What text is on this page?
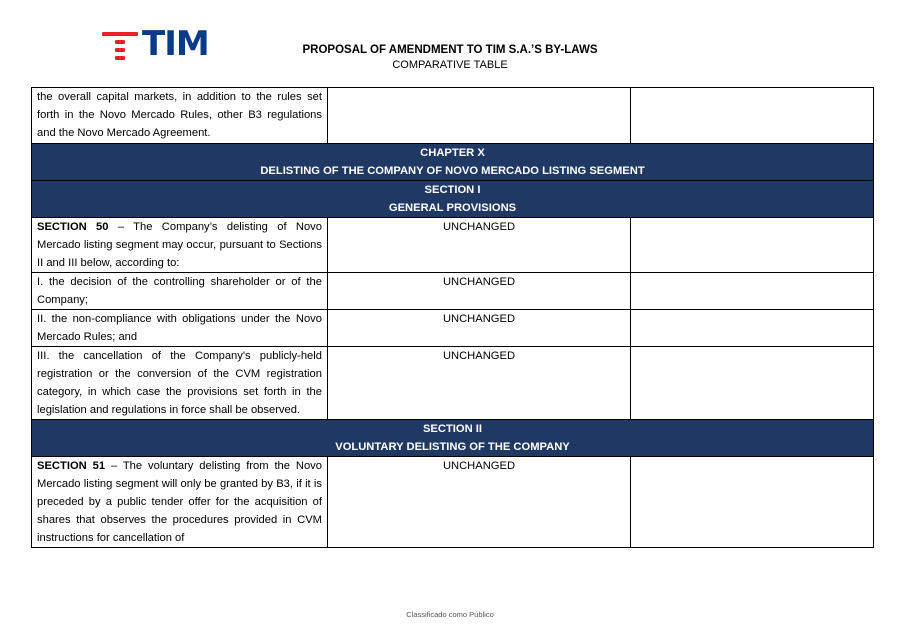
TIM	PROPOSAL OF AMENDMENT TO TIM S.A.’S BY-LAWS
COMPARATIVE TABLE
the overall capital markets, in addition to the rules set forth in the Novo Mercado Rules, other B3 regulations and the Novo Mercado Agreement.		

CHAPTER X
DELISTING OF THE COMPANY OF NOVO MERCADO LISTING SEGMENT		

SECTION I
GENERAL PROVISIONS		

SECTION 50 – The Company’s delisting of Novo Mercado listing segment may occur, pursuant to Sections II and III below, according to:	UNCHANGED	
I. the decision of the controlling shareholder or of the Company;	UNCHANGED	
II. the non-compliance with obligations under the Novo Mercado Rules; and	UNCHANGED	
III. the cancellation of the Company's publicly-held registration or the conversion of the CVM registration category, in which case the provisions set forth in the legislation and regulations in force shall be observed.	UNCHANGED	

SECTION II
VOLUNTARY DELISTING OF THE COMPANY		

SECTION 51 – The voluntary delisting from the Novo Mercado listing segment will only be granted by B3, if it is preceded by a public tender offer for the acquisition of shares that observes the procedures provided in CVM instructions for cancellation of	UNCHANGED	
Classificado como Público
